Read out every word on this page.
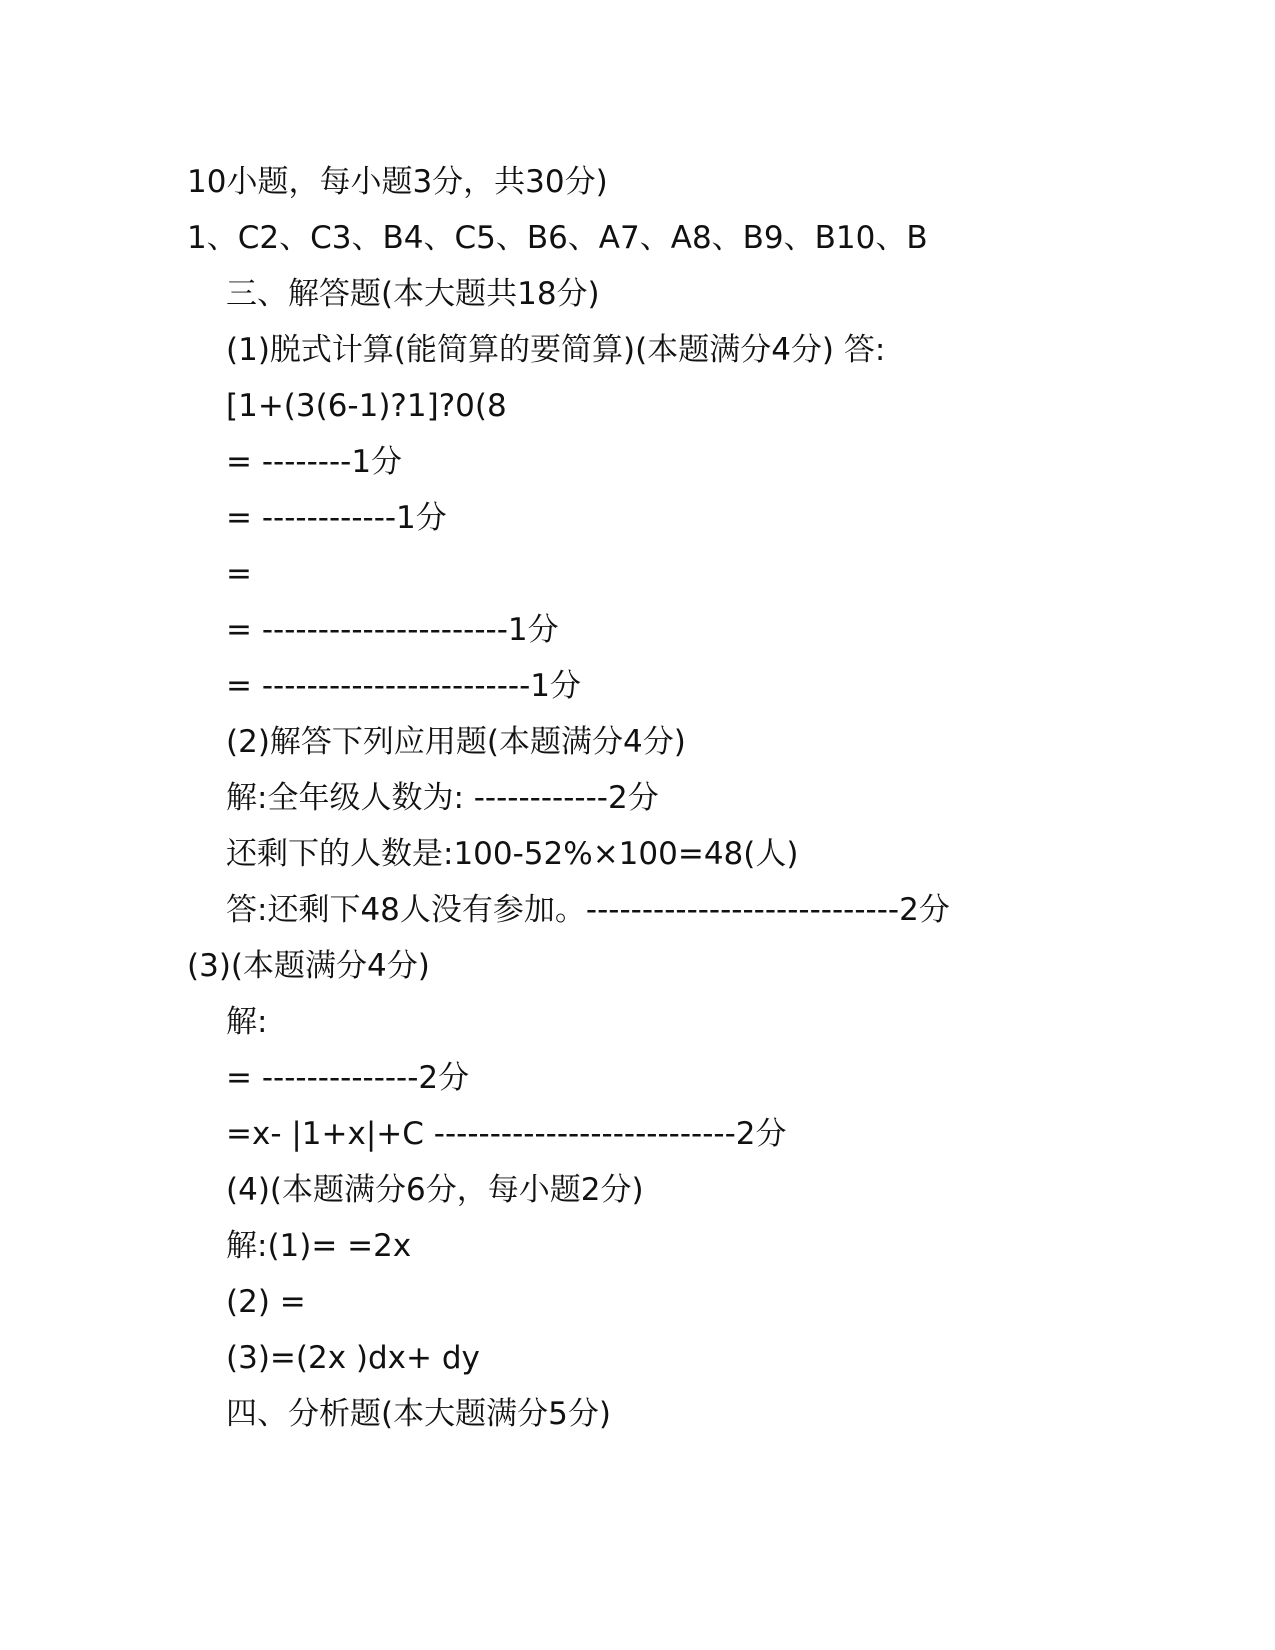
10小题，每小题3分，共30分)
1、C2、C3、B4、C5、B6、A7、A8、B9、B10、B
三、解答题(本大题共18分)
(1)脱式计算(能简算的要简算)(本题满分4分) 答:
[1+(3(6-1)?1]?0(8
= --------1分
= ------------1分
=
= ----------------------1分
= ------------------------1分
(2)解答下列应用题(本题满分4分)
解:全年级人数为: ------------2分
还剩下的人数是:100-52%×100=48(人)
答:还剩下48人没有参加。----------------------------2分
(3)(本题满分4分)
解:
= --------------2分
=x- |1+x|+C ---------------------------2分
(4)(本题满分6分，每小题2分)
解:(1)= =2x
(2) =
(3)=(2x )dx+ dy
四、分析题(本大题满分5分)
